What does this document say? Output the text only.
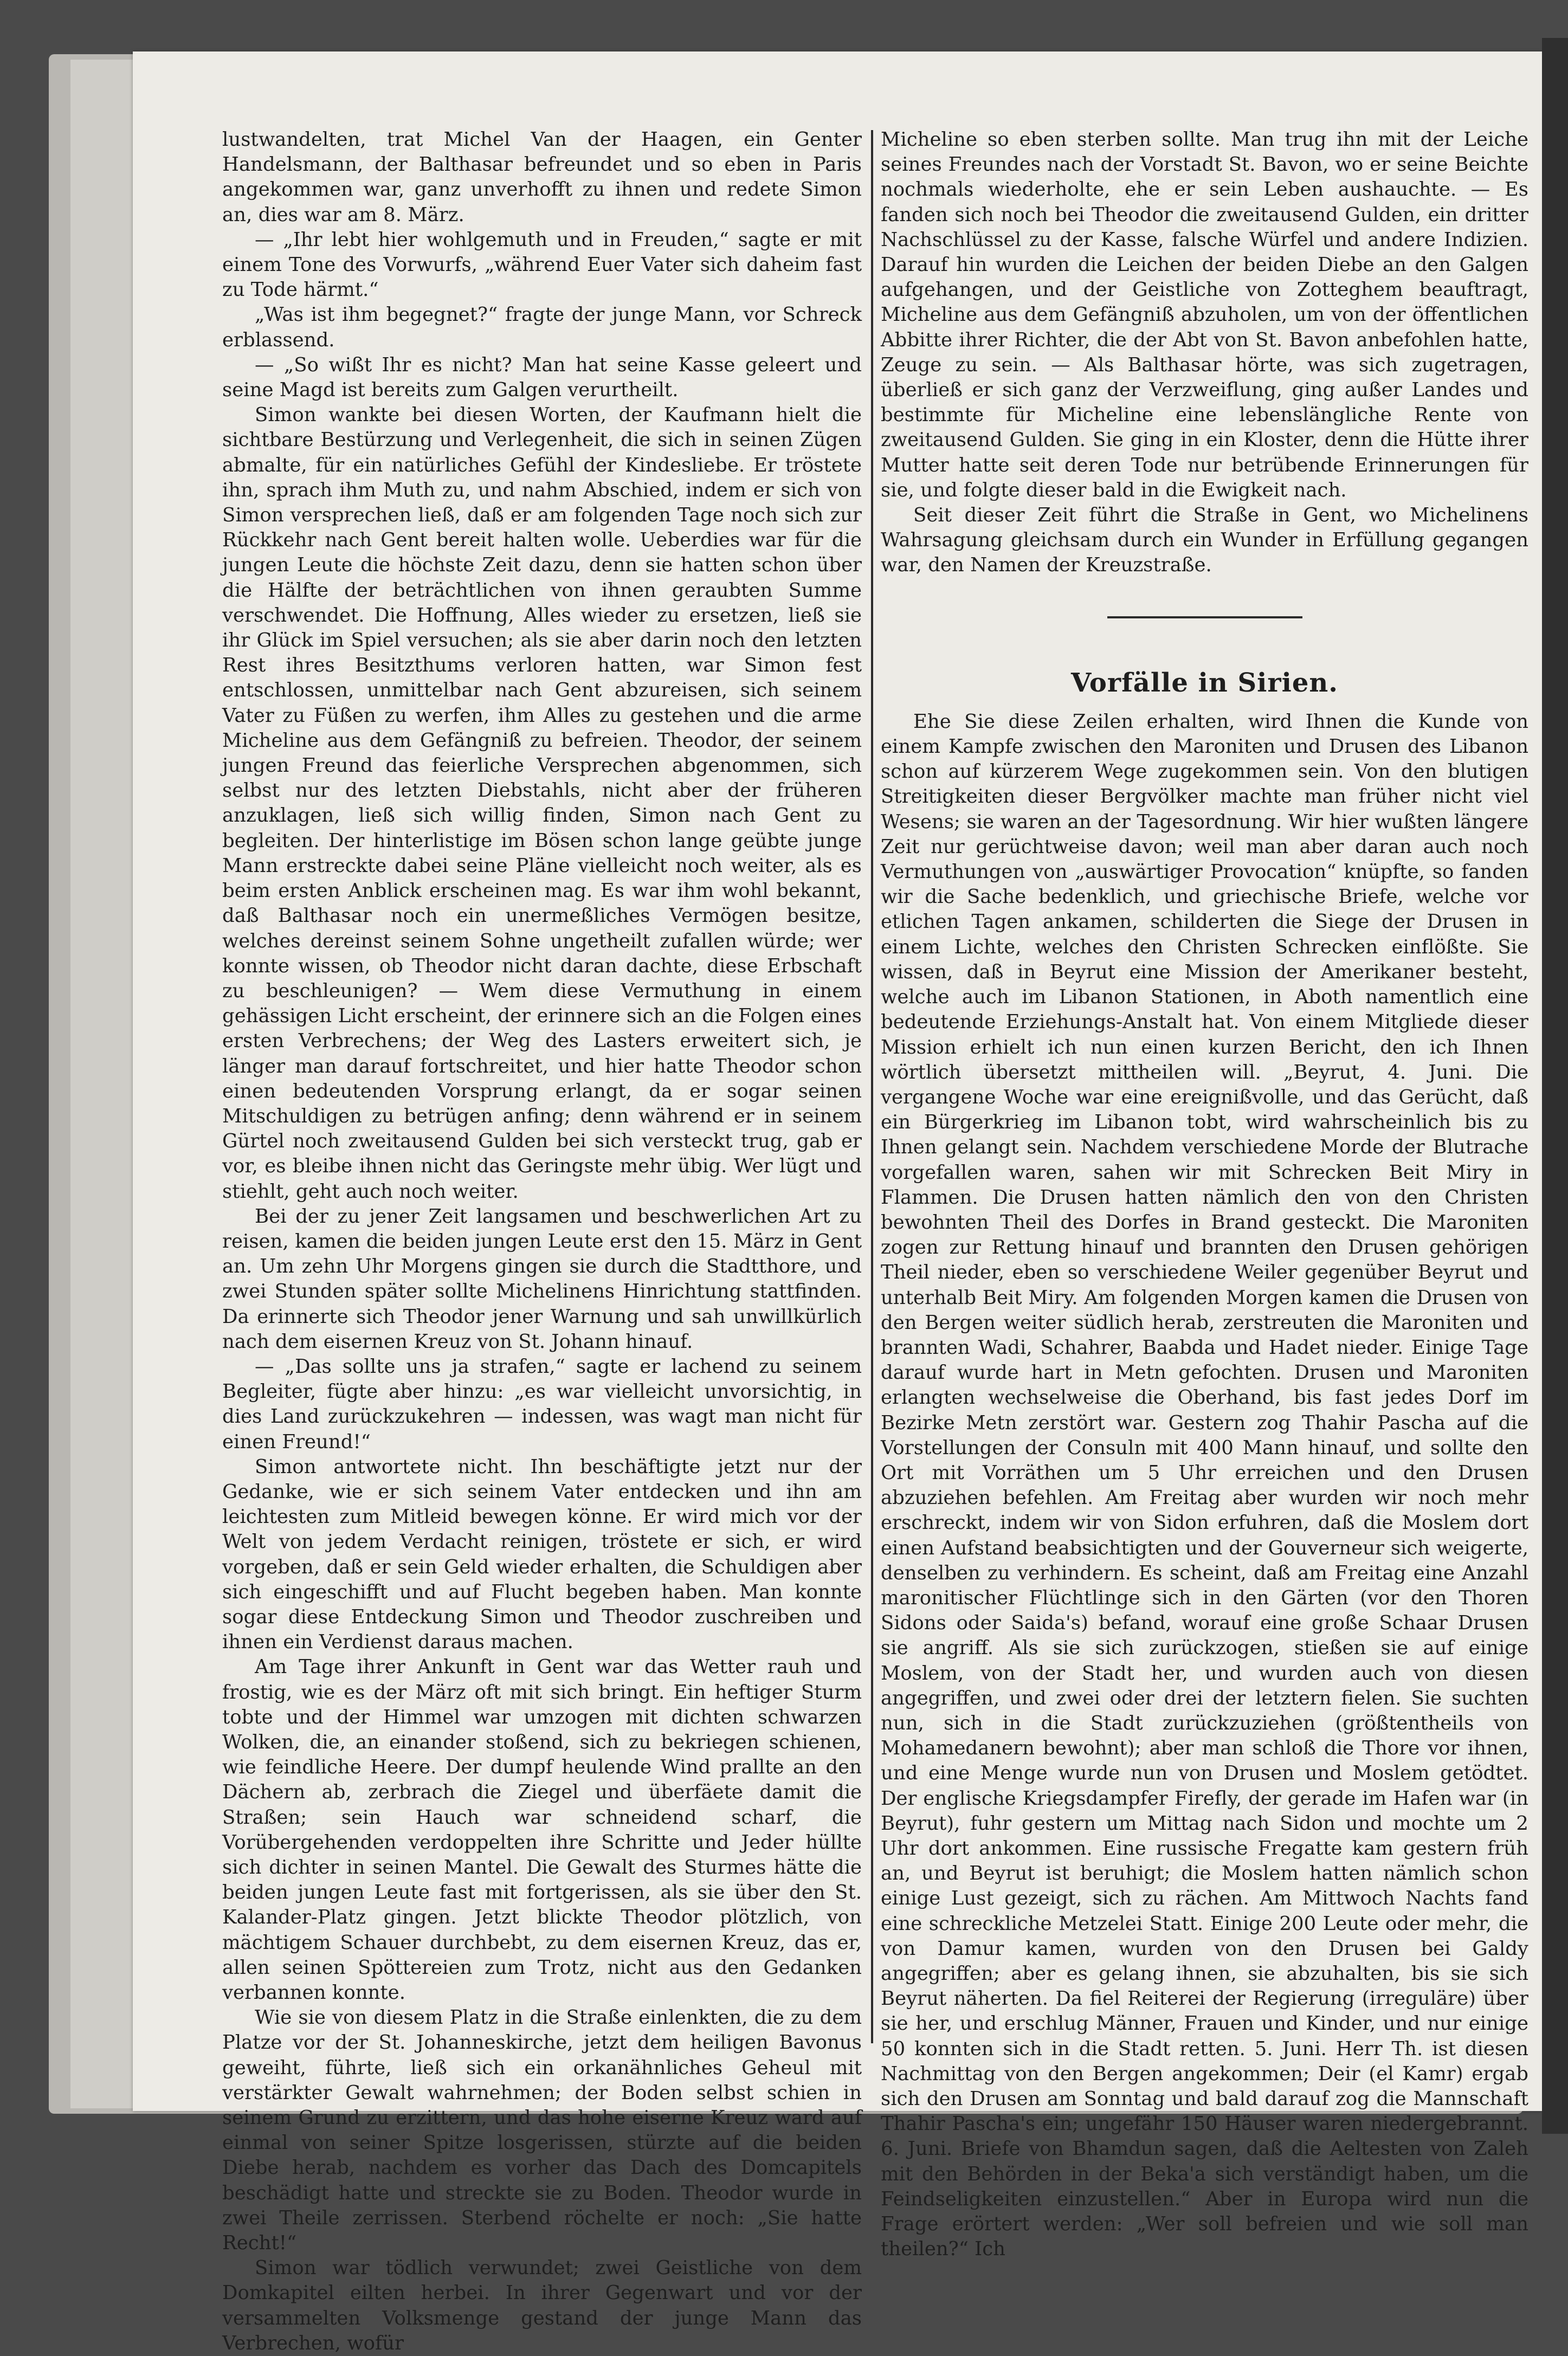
lustwandelten, trat Michel Van der Haagen, ein Genter Handelsmann, der Balthasar befreundet und so eben in Paris angekommen war, ganz unverhofft zu ihnen und redete Simon an, dies war am 8. März.

— „Ihr lebt hier wohlgemuth und in Freuden,“ sagte er mit einem Tone des Vorwurfs, „während Euer Vater sich daheim fast zu Tode härmt.“

„Was ist ihm begegnet?“ fragte der junge Mann, vor Schreck erblassend.

— „So wißt Ihr es nicht? Man hat seine Kasse geleert und seine Magd ist bereits zum Galgen verurtheilt.

Simon wankte bei diesen Worten, der Kaufmann hielt die sichtbare Bestürzung und Verlegenheit, die sich in seinen Zügen abmalte, für ein natürliches Gefühl der Kindesliebe. Er tröstete ihn, sprach ihm Muth zu, und nahm Abschied, indem er sich von Simon versprechen ließ, daß er am folgenden Tage noch sich zur Rückkehr nach Gent bereit halten wolle. Ueberdies war für die jungen Leute die höchste Zeit dazu, denn sie hatten schon über die Hälfte der beträchtlichen von ihnen geraubten Summe verschwendet. Die Hoffnung, Alles wieder zu ersetzen, ließ sie ihr Glück im Spiel versuchen; als sie aber darin noch den letzten Rest ihres Besitzthums verloren hatten, war Simon fest entschlossen, unmittelbar nach Gent abzureisen, sich seinem Vater zu Füßen zu werfen, ihm Alles zu gestehen und die arme Micheline aus dem Gefängniß zu befreien. Theodor, der seinem jungen Freund das feierliche Versprechen abgenommen, sich selbst nur des letzten Diebstahls, nicht aber der früheren anzuklagen, ließ sich willig finden, Simon nach Gent zu begleiten. Der hinterlistige im Bösen schon lange geübte junge Mann erstreckte dabei seine Pläne vielleicht noch weiter, als es beim ersten Anblick erscheinen mag. Es war ihm wohl bekannt, daß Balthasar noch ein unermeßliches Vermögen besitze, welches dereinst seinem Sohne ungetheilt zufallen würde; wer konnte wissen, ob Theodor nicht daran dachte, diese Erbschaft zu beschleunigen? — Wem diese Vermuthung in einem gehässigen Licht erscheint, der erinnere sich an die Folgen eines ersten Verbrechens; der Weg des Lasters erweitert sich, je länger man darauf fortschreitet, und hier hatte Theodor schon einen bedeutenden Vorsprung erlangt, da er sogar seinen Mitschuldigen zu betrügen anfing; denn während er in seinem Gürtel noch zweitausend Gulden bei sich versteckt trug, gab er vor, es bleibe ihnen nicht das Geringste mehr übig. Wer lügt und stiehlt, geht auch noch weiter.

Bei der zu jener Zeit langsamen und beschwerlichen Art zu reisen, kamen die beiden jungen Leute erst den 15. März in Gent an. Um zehn Uhr Morgens gingen sie durch die Stadtthore, und zwei Stunden später sollte Michelinens Hinrichtung stattfinden. Da erinnerte sich Theodor jener Warnung und sah unwillkürlich nach dem eisernen Kreuz von St. Johann hinauf.

— „Das sollte uns ja strafen,“ sagte er lachend zu seinem Begleiter, fügte aber hinzu: „es war vielleicht unvorsichtig, in dies Land zurückzukehren — indessen, was wagt man nicht für einen Freund!“

Simon antwortete nicht. Ihn beschäftigte jetzt nur der Gedanke, wie er sich seinem Vater entdecken und ihn am leichtesten zum Mitleid bewegen könne. Er wird mich vor der Welt von jedem Verdacht reinigen, tröstete er sich, er wird vorgeben, daß er sein Geld wieder erhalten, die Schuldigen aber sich eingeschifft und auf Flucht begeben haben. Man konnte sogar diese Entdeckung Simon und Theodor zuschreiben und ihnen ein Verdienst daraus machen.

Am Tage ihrer Ankunft in Gent war das Wetter rauh und frostig, wie es der März oft mit sich bringt. Ein heftiger Sturm tobte und der Himmel war umzogen mit dichten schwarzen Wolken, die, an einander stoßend, sich zu bekriegen schienen, wie feindliche Heere. Der dumpf heulende Wind prallte an den Dächern ab, zerbrach die Ziegel und überfäete damit die Straßen; sein Hauch war schneidend scharf, die Vorübergehenden verdoppelten ihre Schritte und Jeder hüllte sich dichter in seinen Mantel. Die Gewalt des Sturmes hätte die beiden jungen Leute fast mit fortgerissen, als sie über den St. Kalander-Platz gingen. Jetzt blickte Theodor plötzlich, von mächtigem Schauer durchbebt, zu dem eisernen Kreuz, das er, allen seinen Spöttereien zum Trotz, nicht aus den Gedanken verbannen konnte.

Wie sie von diesem Platz in die Straße einlenkten, die zu dem Platze vor der St. Johanneskirche, jetzt dem heiligen Bavonus geweiht, führte, ließ sich ein orkanähnliches Geheul mit verstärkter Gewalt wahrnehmen; der Boden selbst schien in seinem Grund zu erzittern, und das hohe eiserne Kreuz ward auf einmal von seiner Spitze losgerissen, stürzte auf die beiden Diebe herab, nachdem es vorher das Dach des Domcapitels beschädigt hatte und streckte sie zu Boden. Theodor wurde in zwei Theile zerrissen. Sterbend röchelte er noch: „Sie hatte Recht!“

Simon war tödlich verwundet; zwei Geistliche von dem Domkapitel eilten herbei. In ihrer Gegenwart und vor der versammelten Volksmenge gestand der junge Mann das Verbrechen, wofür

Micheline so eben sterben sollte. Man trug ihn mit der Leiche seines Freundes nach der Vorstadt St. Bavon, wo er seine Beichte nochmals wiederholte, ehe er sein Leben aushauchte. — Es fanden sich noch bei Theodor die zweitausend Gulden, ein dritter Nachschlüssel zu der Kasse, falsche Würfel und andere Indizien. Darauf hin wurden die Leichen der beiden Diebe an den Galgen aufgehangen, und der Geistliche von Zotteghem beauftragt, Micheline aus dem Gefängniß abzuholen, um von der öffentlichen Abbitte ihrer Richter, die der Abt von St. Bavon anbefohlen hatte, Zeuge zu sein. — Als Balthasar hörte, was sich zugetragen, überließ er sich ganz der Verzweiflung, ging außer Landes und bestimmte für Micheline eine lebenslängliche Rente von zweitausend Gulden. Sie ging in ein Kloster, denn die Hütte ihrer Mutter hatte seit deren Tode nur betrübende Erinnerungen für sie, und folgte dieser bald in die Ewigkeit nach.

Seit dieser Zeit führt die Straße in Gent, wo Michelinens Wahrsagung gleichsam durch ein Wunder in Erfüllung gegangen war, den Namen der Kreuzstraße.

Vorfälle in Sirien.

Ehe Sie diese Zeilen erhalten, wird Ihnen die Kunde von einem Kampfe zwischen den Maroniten und Drusen des Libanon schon auf kürzerem Wege zugekommen sein. Von den blutigen Streitigkeiten dieser Bergvölker machte man früher nicht viel Wesens; sie waren an der Tagesordnung. Wir hier wußten längere Zeit nur gerüchtweise davon; weil man aber daran auch noch Vermuthungen von „auswärtiger Provocation“ knüpfte, so fanden wir die Sache bedenklich, und griechische Briefe, welche vor etlichen Tagen ankamen, schilderten die Siege der Drusen in einem Lichte, welches den Christen Schrecken einflößte. Sie wissen, daß in Beyrut eine Mission der Amerikaner besteht, welche auch im Libanon Stationen, in Aboth namentlich eine bedeutende Erziehungs-Anstalt hat. Von einem Mitgliede dieser Mission erhielt ich nun einen kurzen Bericht, den ich Ihnen wörtlich übersetzt mittheilen will. „Beyrut, 4. Juni. Die vergangene Woche war eine ereignißvolle, und das Gerücht, daß ein Bürgerkrieg im Libanon tobt, wird wahrscheinlich bis zu Ihnen gelangt sein. Nachdem verschiedene Morde der Blutrache vorgefallen waren, sahen wir mit Schrecken Beit Miry in Flammen. Die Drusen hatten nämlich den von den Christen bewohnten Theil des Dorfes in Brand gesteckt. Die Maroniten zogen zur Rettung hinauf und brannten den Drusen gehörigen Theil nieder, eben so verschiedene Weiler gegenüber Beyrut und unterhalb Beit Miry. Am folgenden Morgen kamen die Drusen von den Bergen weiter südlich herab, zerstreuten die Maroniten und brannten Wadi, Schahrer, Baabda und Hadet nieder. Einige Tage darauf wurde hart in Metn gefochten. Drusen und Maroniten erlangten wechselweise die Oberhand, bis fast jedes Dorf im Bezirke Metn zerstört war. Gestern zog Thahir Pascha auf die Vorstellungen der Consuln mit 400 Mann hinauf, und sollte den Ort mit Vorräthen um 5 Uhr erreichen und den Drusen abzuziehen befehlen. Am Freitag aber wurden wir noch mehr erschreckt, indem wir von Sidon erfuhren, daß die Moslem dort einen Aufstand beabsichtigten und der Gouverneur sich weigerte, denselben zu verhindern. Es scheint, daß am Freitag eine Anzahl maronitischer Flüchtlinge sich in den Gärten (vor den Thoren Sidons oder Saida's) befand, worauf eine große Schaar Drusen sie angriff. Als sie sich zurückzogen, stießen sie auf einige Moslem, von der Stadt her, und wurden auch von diesen angegriffen, und zwei oder drei der letztern fielen. Sie suchten nun, sich in die Stadt zurückzuziehen (größtentheils von Mohamedanern bewohnt); aber man schloß die Thore vor ihnen, und eine Menge wurde nun von Drusen und Moslem getödtet. Der englische Kriegsdampfer Firefly, der gerade im Hafen war (in Beyrut), fuhr gestern um Mittag nach Sidon und mochte um 2 Uhr dort ankommen. Eine russische Fregatte kam gestern früh an, und Beyrut ist beruhigt; die Moslem hatten nämlich schon einige Lust gezeigt, sich zu rächen. Am Mittwoch Nachts fand eine schreckliche Metzelei Statt. Einige 200 Leute oder mehr, die von Damur kamen, wurden von den Drusen bei Galdy angegriffen; aber es gelang ihnen, sie abzuhalten, bis sie sich Beyrut näherten. Da fiel Reiterei der Regierung (irreguläre) über sie her, und erschlug Männer, Frauen und Kinder, und nur einige 50 konnten sich in die Stadt retten. 5. Juni. Herr Th. ist diesen Nachmittag von den Bergen angekommen; Deir (el Kamr) ergab sich den Drusen am Sonntag und bald darauf zog die Mannschaft Thahir Pascha's ein; ungefähr 150 Häuser waren niedergebrannt. 6. Juni. Briefe von Bhamdun sagen, daß die Aeltesten von Zaleh mit den Behörden in der Beka'a sich verständigt haben, um die Feindseligkeiten einzustellen.“ Aber in Europa wird nun die Frage erörtert werden: „Wer soll befreien und wie soll man theilen?“ Ich
